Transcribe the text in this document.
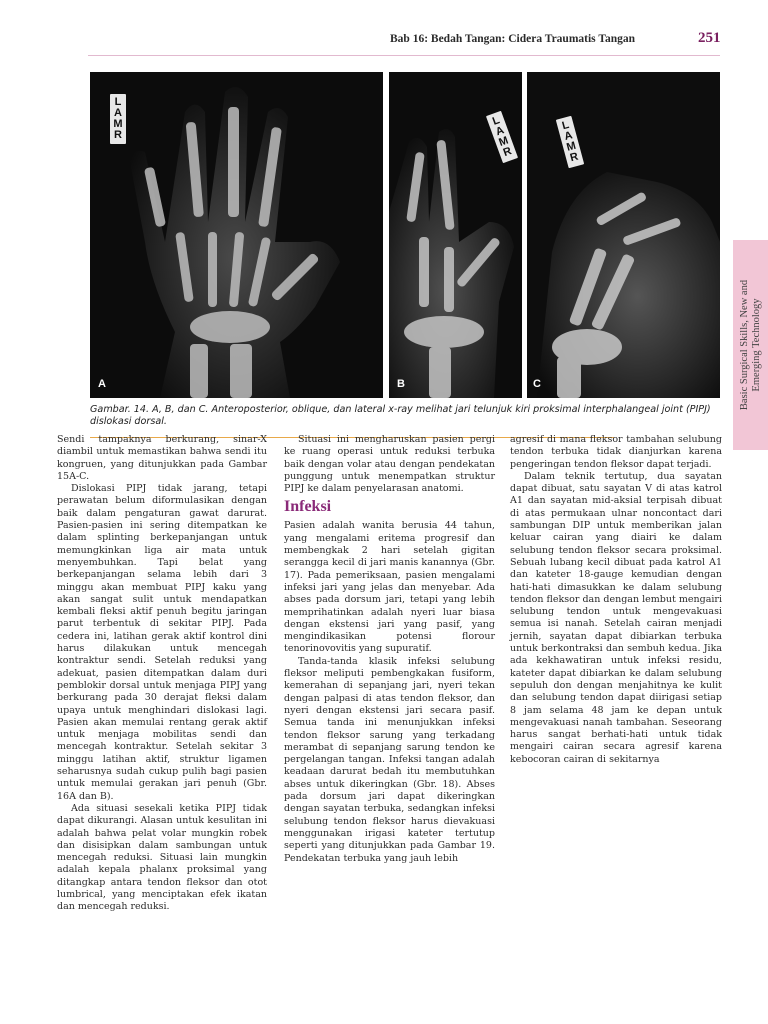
Bab 16: Bedah Tangan: Cidera Traumatis Tangan	251
L
A
M
R
A
L
A
M
R
B
L
A
M
R
C
Gambar. 14. A, B, dan C. Anteroposterior, oblique, dan lateral x-ray melihat jari telunjuk kiri proksimal interphalangeal joint (PIPJ) dislokasi dorsal.
Basic Surgical Skills, New and
Emerging Technology

Sendi tampaknya berkurang, sinar-X diambil untuk memastikan bahwa sendi itu kongruen, yang ditunjukkan pada Gambar 15A-C.

Dislokasi PIPJ tidak jarang, tetapi perawatan belum diformulasikan dengan baik dalam pengaturan gawat darurat. Pasien-pasien ini sering ditempatkan ke dalam splinting berkepanjangan untuk memungkinkan liga air mata untuk menyembuhkan. Tapi belat yang berkepanjangan selama lebih dari 3 minggu akan membuat PIPJ kaku yang akan sangat sulit untuk mendapatkan kembali fleksi aktif penuh begitu jaringan parut terbentuk di sekitar PIPJ. Pada cedera ini, latihan gerak aktif kontrol dini harus dilakukan untuk mencegah kontraktur sendi. Setelah reduksi yang adekuat, pasien ditempatkan dalam duri pemblokir dorsal untuk menjaga PIPJ yang berkurang pada 30 derajat fleksi dalam upaya untuk menghindari dislokasi lagi. Pasien akan memulai rentang gerak aktif untuk menjaga mobilitas sendi dan mencegah kontraktur. Setelah sekitar 3 minggu latihan aktif, struktur ligamen seharusnya sudah cukup pulih bagi pasien untuk memulai gerakan jari penuh (Gbr. 16A dan B).

Ada situasi sesekali ketika PIPJ tidak dapat dikurangi. Alasan untuk kesulitan ini adalah bahwa pelat volar mungkin robek dan disisipkan dalam sambungan untuk mencegah reduksi. Situasi lain mungkin adalah kepala phalanx proksimal yang ditangkap antara tendon fleksor dan otot lumbrical, yang menciptakan efek ikatan dan mencegah reduksi.

Situasi ini mengharuskan pasien pergi ke ruang operasi untuk reduksi terbuka baik dengan volar atau dengan pendekatan punggung untuk menempatkan struktur PIPJ ke dalam penyelarasan anatomi.

Infeksi

Pasien adalah wanita berusia 44 tahun, yang mengalami eritema progresif dan membengkak 2 hari setelah gigitan serangga kecil di jari manis kanannya (Gbr. 17). Pada pemeriksaan, pasien mengalami infeksi jari yang jelas dan menyebar. Ada abses pada dorsum jari, tetapi yang lebih memprihatinkan adalah nyeri luar biasa dengan ekstensi jari yang pasif, yang mengindikasikan potensi florour tenorinovovitis yang supuratif.

Tanda-tanda klasik infeksi selubung fleksor meliputi pembengkakan fusiform, kemerahan di sepanjang jari, nyeri tekan dengan palpasi di atas tendon fleksor, dan nyeri dengan ekstensi jari secara pasif. Semua tanda ini menunjukkan infeksi tendon fleksor sarung yang terkadang merambat di sepanjang sarung tendon ke pergelangan tangan. Infeksi tangan adalah keadaan darurat bedah itu membutuhkan abses untuk dikeringkan (Gbr. 18). Abses pada dorsum jari dapat dikeringkan dengan sayatan terbuka, sedangkan infeksi selubung tendon fleksor harus dievakuasi menggunakan irigasi kateter tertutup seperti yang ditunjukkan pada Gambar 19. Pendekatan terbuka yang jauh lebih

agresif di mana fleksor tambahan selubung tendon terbuka tidak dianjurkan karena pengeringan tendon fleksor dapat terjadi.

Dalam teknik tertutup, dua sayatan dapat dibuat, satu sayatan V di atas katrol A1 dan sayatan mid-aksial terpisah dibuat di atas permukaan ulnar noncontact dari sambungan DIP untuk memberikan jalan keluar cairan yang diairi ke dalam selubung tendon fleksor secara proksimal. Sebuah lubang kecil dibuat pada katrol A1 dan kateter 18-gauge kemudian dengan hati-hati dimasukkan ke dalam selubung tendon fleksor dan dengan lembut mengairi selubung tendon untuk mengevakuasi semua isi nanah. Setelah cairan menjadi jernih, sayatan dapat dibiarkan terbuka untuk berkontraksi dan sembuh kedua. Jika ada kekhawatiran untuk infeksi residu, kateter dapat dibiarkan ke dalam selubung sepuluh don dengan menjahitnya ke kulit dan selubung tendon dapat diirigasi setiap 8 jam selama 48 jam ke depan untuk mengevakuasi nanah tambahan. Seseorang harus sangat berhati-hati untuk tidak mengairi cairan secara agresif karena kebocoran cairan di sekitarnya
